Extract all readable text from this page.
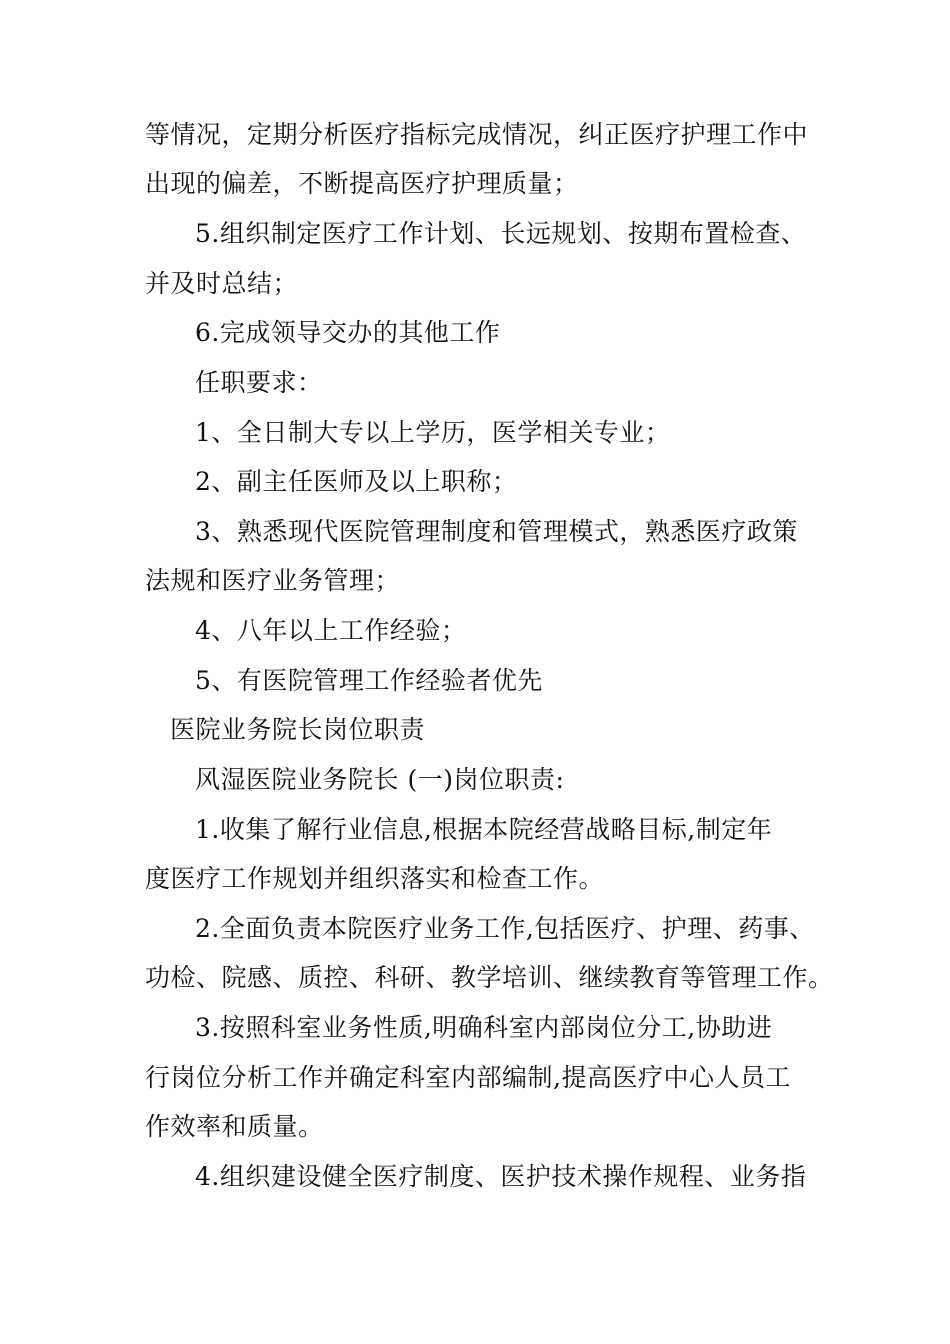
等情况，定期分析医疗指标完成情况，纠正医疗护理工作中
出现的偏差，不断提高医疗护理质量；
5.组织制定医疗工作计划、长远规划、按期布置检查、
并及时总结；
6.完成领导交办的其他工作
任职要求：
1、全日制大专以上学历，医学相关专业；
2、副主任医师及以上职称；
3、熟悉现代医院管理制度和管理模式，熟悉医疗政策
法规和医疗业务管理；
4、八年以上工作经验；
5、有医院管理工作经验者优先
医院业务院长岗位职责
风湿医院业务院长 (一)岗位职责:
1.收集了解行业信息,根据本院经营战略目标,制定年
度医疗工作规划并组织落实和检查工作。
2.全面负责本院医疗业务工作,包括医疗、护理、药事、
功检、院感、质控、科研、教学培训、继续教育等管理工作。
3.按照科室业务性质,明确科室内部岗位分工,协助进
行岗位分析工作并确定科室内部编制,提高医疗中心人员工
作效率和质量。
4.组织建设健全医疗制度、医护技术操作规程、业务指
